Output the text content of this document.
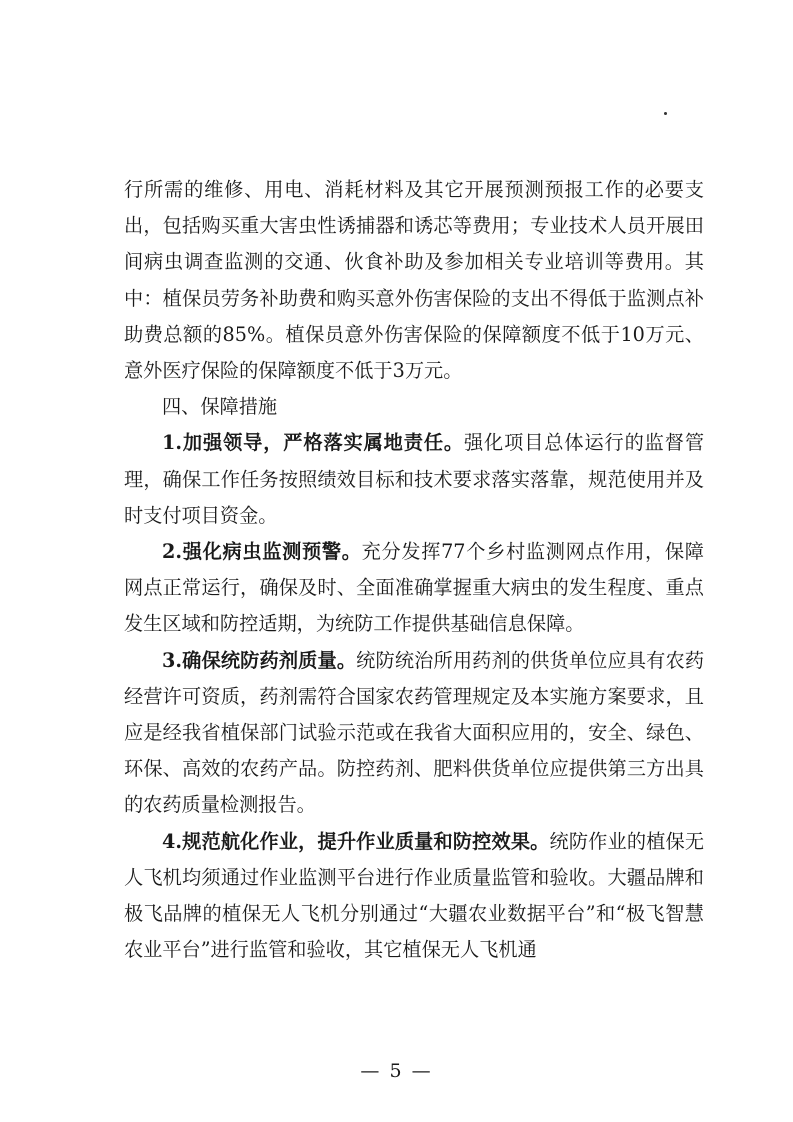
行所需的维修、用电、消耗材料及其它开展预测预报工作的必要支出，包括购买重大害虫性诱捕器和诱芯等费用；专业技术人员开展田间病虫调查监测的交通、伙食补助及参加相关专业培训等费用。其中：植保员劳务补助费和购买意外伤害保险的支出不得低于监测点补助费总额的85%。植保员意外伤害保险的保障额度不低于10万元、意外医疗保险的保障额度不低于3万元。

四、保障措施

1.加强领导，严格落实属地责任。强化项目总体运行的监督管理，确保工作任务按照绩效目标和技术要求落实落靠，规范使用并及时支付项目资金。

2.强化病虫监测预警。充分发挥77个乡村监测网点作用，保障网点正常运行，确保及时、全面准确掌握重大病虫的发生程度、重点发生区域和防控适期，为统防工作提供基础信息保障。

3.确保统防药剂质量。统防统治所用药剂的供货单位应具有农药经营许可资质，药剂需符合国家农药管理规定及本实施方案要求，且应是经我省植保部门试验示范或在我省大面积应用的，安全、绿色、环保、高效的农药产品。防控药剂、肥料供货单位应提供第三方出具的农药质量检测报告。

4.规范航化作业，提升作业质量和防控效果。统防作业的植保无人飞机均须通过作业监测平台进行作业质量监管和验收。大疆品牌和极飞品牌的植保无人飞机分别通过“大疆农业数据平台”和“极飞智慧农业平台”进行监管和验收，其它植保无人飞机通

— 5 —
